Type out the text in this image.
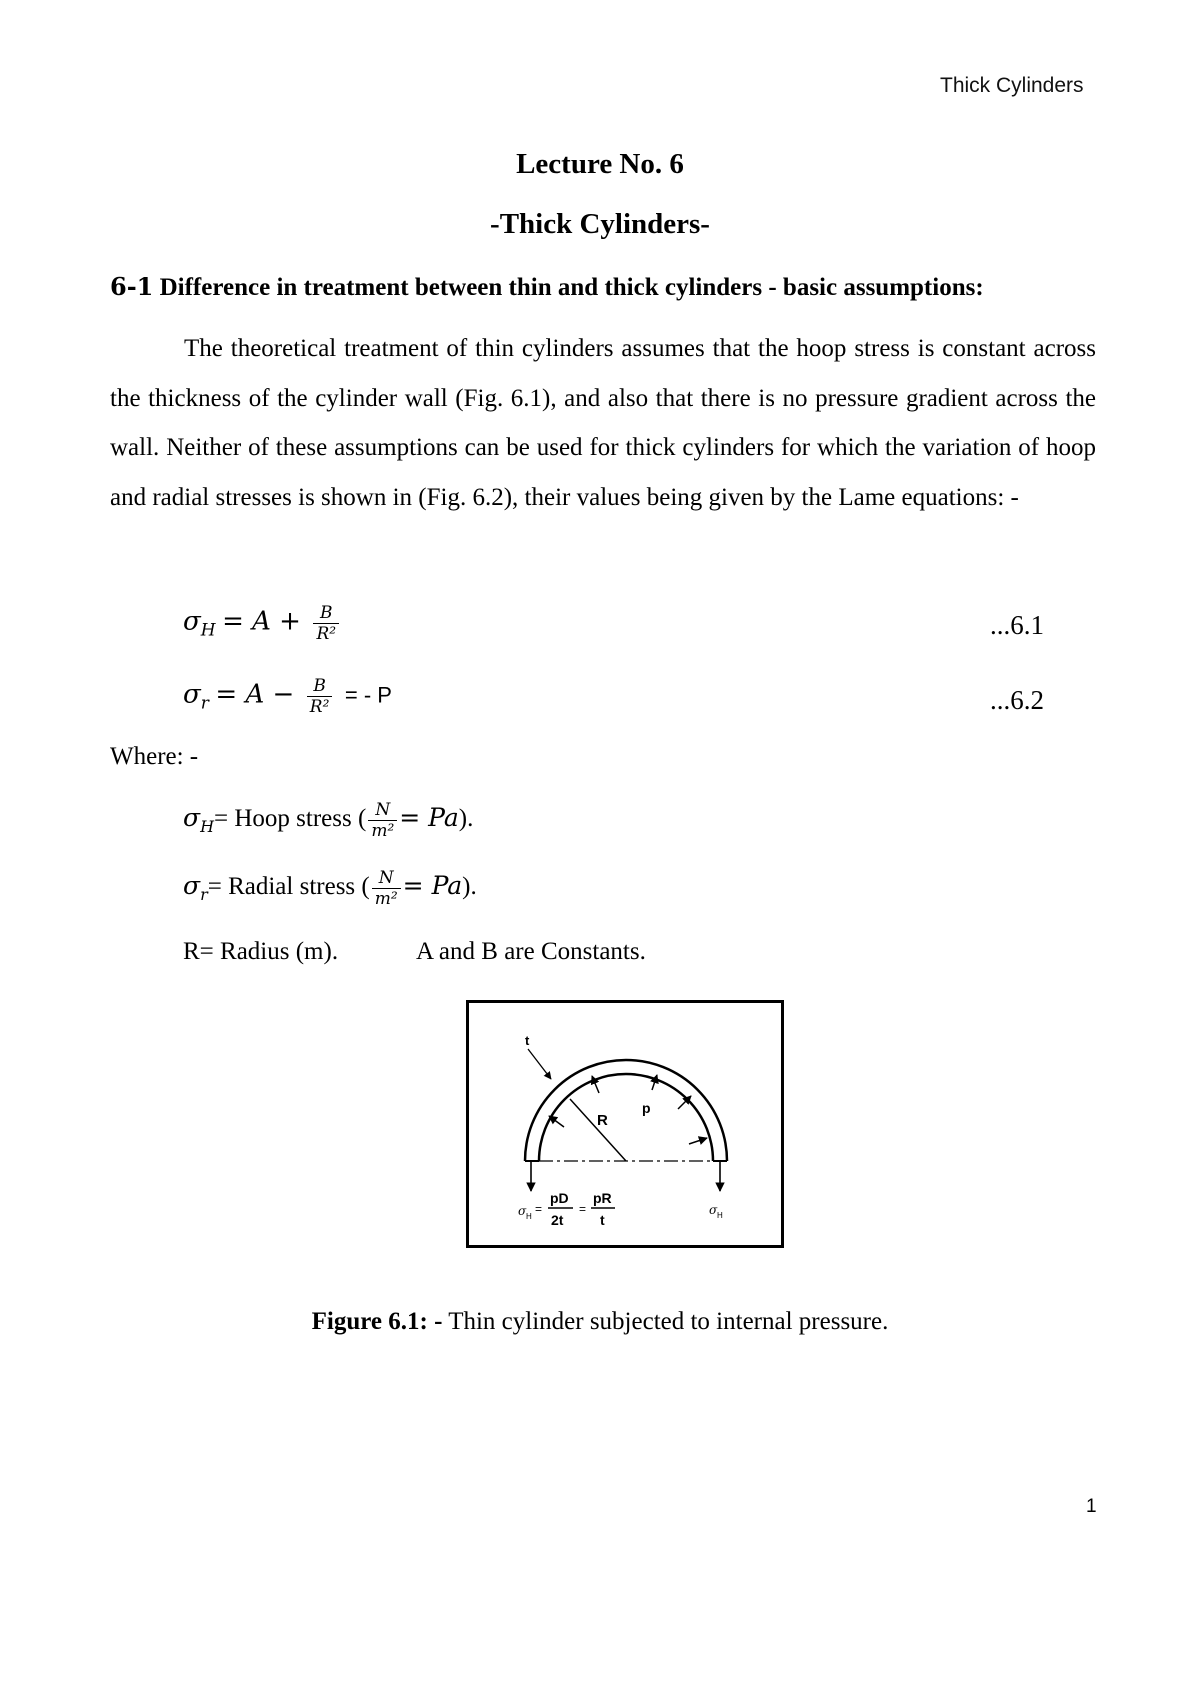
Thick Cylinders
Lecture No. 6
-Thick Cylinders-
6-1 Difference in treatment between thin and thick cylinders - basic assumptions:

The theoretical treatment of thin cylinders assumes that the hoop stress is constant across the thickness of the cylinder wall (Fig. 6.1), and also that there is no pressure gradient across the wall. Neither of these assumptions can be used for thick cylinders for which the variation of hoop and radial stresses is shown in (Fig. 6.2), their values being given by the Lame equations: -

$\sigma_H = A + \frac{B}{\text{R²}}$	...6.1
$\sigma_r = A - \frac{B}{\text{R²}}$ = - P	...6.2
Where: -
$\sigma_H=$ Hoop stress ( $\frac{N}{\text{m²}} = Pa$).
$\sigma_r=$ Radial stress ( $\frac{N}{\text{m²}} = Pa$).
R= Radius (m).	A and B are Constants.
R
p
t
σ H
=
pD
2t
=
pR
t
σ H
Figure 6.1: - Thin cylinder subjected to internal pressure.
1
